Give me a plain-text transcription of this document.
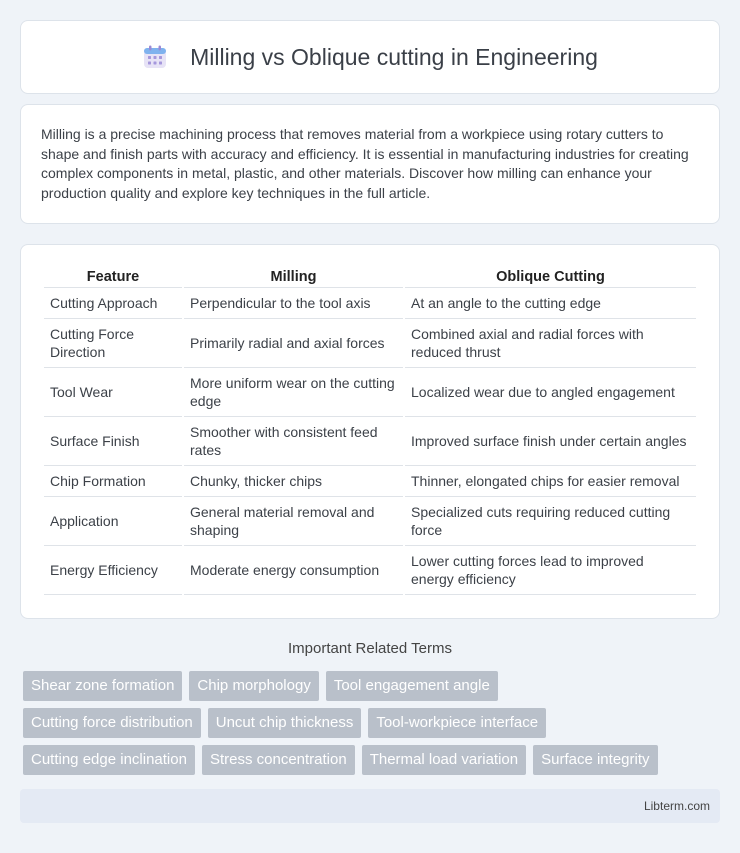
Milling vs Oblique cutting in Engineering

Milling is a precise machining process that removes material from a workpiece using rotary cutters to shape and finish parts with accuracy and efficiency. It is essential in manufacturing industries for creating complex components in metal, plastic, and other materials. Discover how milling can enhance your production quality and explore key techniques in the full article.

Feature	Milling	Oblique Cutting
Cutting Approach	Perpendicular to the tool axis	At an angle to the cutting edge
Cutting Force Direction	Primarily radial and axial forces	Combined axial and radial forces with reduced thrust
Tool Wear	More uniform wear on the cutting edge	Localized wear due to angled engagement
Surface Finish	Smoother with consistent feed rates	Improved surface finish under certain angles
Chip Formation	Chunky, thicker chips	Thinner, elongated chips for easier removal
Application	General material removal and shaping	Specialized cuts requiring reduced cutting force
Energy Efficiency	Moderate energy consumption	Lower cutting forces lead to improved energy efficiency
Important Related Terms
Shear zone formation	Chip morphology	Tool engagement angle
Cutting force distribution	Uncut chip thickness	Tool-workpiece interface
Cutting edge inclination	Stress concentration	Thermal load variation	Surface integrity
Libterm.com
